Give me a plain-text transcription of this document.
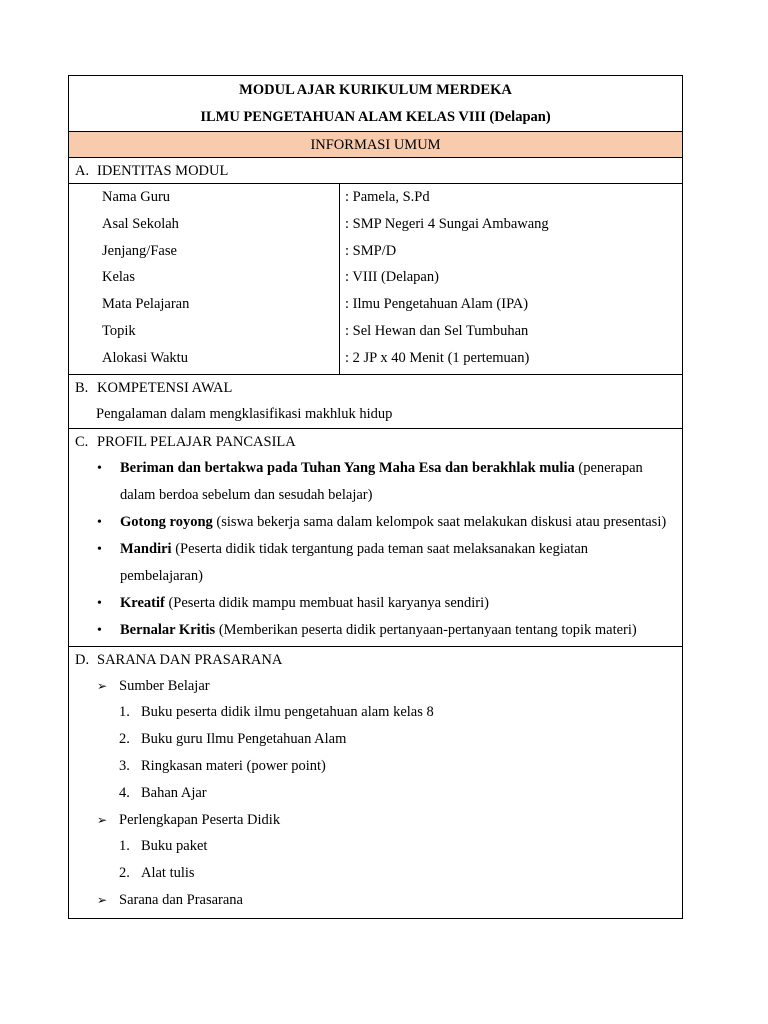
MODUL AJAR KURIKULUM MERDEKA
ILMU PENGETAHUAN ALAM KELAS VIII (Delapan)
INFORMASI UMUM
A. IDENTITAS MODUL
Nama Guru
Asal Sekolah
Jenjang/Fase
Kelas
Mata Pelajaran
Topik
Alokasi Waktu
: Pamela, S.Pd
: SMP Negeri 4 Sungai Ambawang
: SMP/D
: VIII (Delapan)
: Ilmu Pengetahuan Alam (IPA)
: Sel Hewan dan Sel Tumbuhan
: 2 JP x 40 Menit (1 pertemuan)
B. KOMPETENSI AWAL
Pengalaman dalam mengklasifikasi makhluk hidup
C. PROFIL PELAJAR PANCASILA
• Beriman dan bertakwa pada Tuhan Yang Maha Esa dan berakhlak mulia (penerapan dalam berdoa sebelum dan sesudah belajar)
• Gotong royong (siswa bekerja sama dalam kelompok saat melakukan diskusi atau presentasi)
• Mandiri (Peserta didik tidak tergantung pada teman saat melaksanakan kegiatan pembelajaran)
• Kreatif (Peserta didik mampu membuat hasil karyanya sendiri)
• Bernalar Kritis (Memberikan peserta didik pertanyaan-pertanyaan tentang topik materi)
D. SARANA DAN PRASARANA
➢ Sumber Belajar
1. Buku peserta didik ilmu pengetahuan alam kelas 8
2. Buku guru Ilmu Pengetahuan Alam
3. Ringkasan materi (power point)
4. Bahan Ajar
➢ Perlengkapan Peserta Didik
1. Buku paket
2. Alat tulis
➢ Sarana dan Prasarana
